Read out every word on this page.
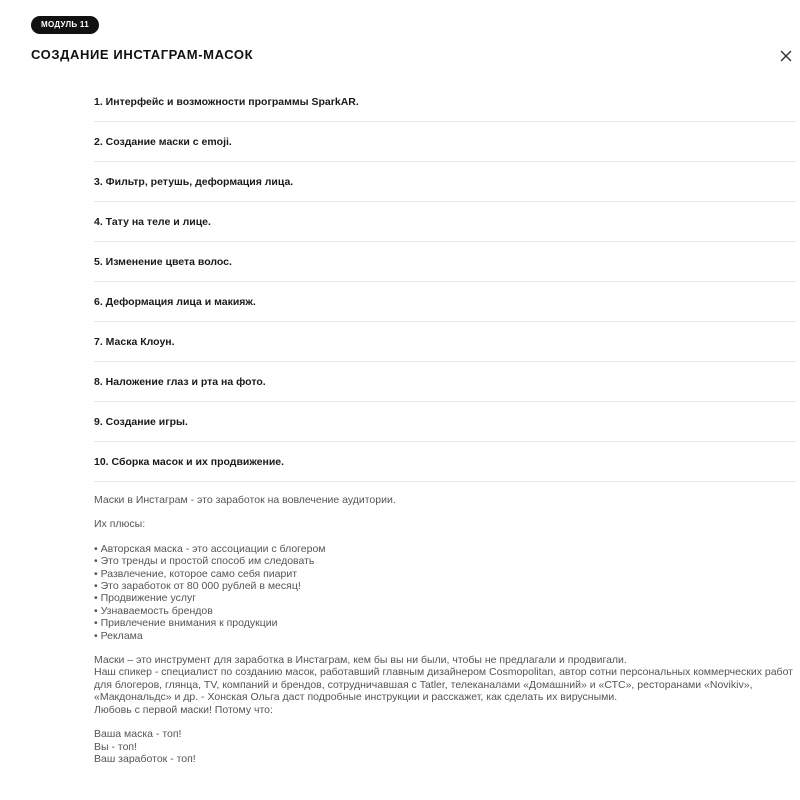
МОДУЛЬ 11
СОЗДАНИЕ ИНСТАГРАМ-МАСОК
1. Интерфейс и возможности программы SparkAR.
2. Создание маски с emoji.
3. Фильтр, ретушь, деформация лица.
4. Тату на теле и лице.
5. Изменение цвета волос.
6. Деформация лица и макияж.
7. Маска Клоун.
8. Наложение глаз и рта на фото.
9. Создание игры.
10. Сборка масок и их продвижение.

Маски в Инстаграм - это заработок на вовлечение аудитории.

Их плюсы:

• Авторская маска - это ассоциации с блогером
• Это тренды и простой способ им следовать
• Развлечение, которое само себя пиарит
• Это заработок от 80 000 рублей в месяц!
• Продвижение услуг
• Узнаваемость брендов
• Привлечение внимания к продукции
• Реклама

Маски – это инструмент для заработка в Инстаграм, кем бы вы ни были, чтобы не предлагали и продвигали.

Наш спикер - специалист по созданию масок, работавший главным дизайнером Cosmopolitan, автор сотни персональных коммерческих работ для блогеров, глянца, TV, компаний и брендов, сотрудничавшая с Tatler, телеканалами «Домашний» и «СТС», ресторанами «Novikiv», «Макдональдс» и др. - Хонская Ольга даст подробные инструкции и расскажет, как сделать их вирусными.

Любовь с первой маски! Потому что:

Ваша маска - топ!

Вы - топ!

Ваш заработок - топ!
